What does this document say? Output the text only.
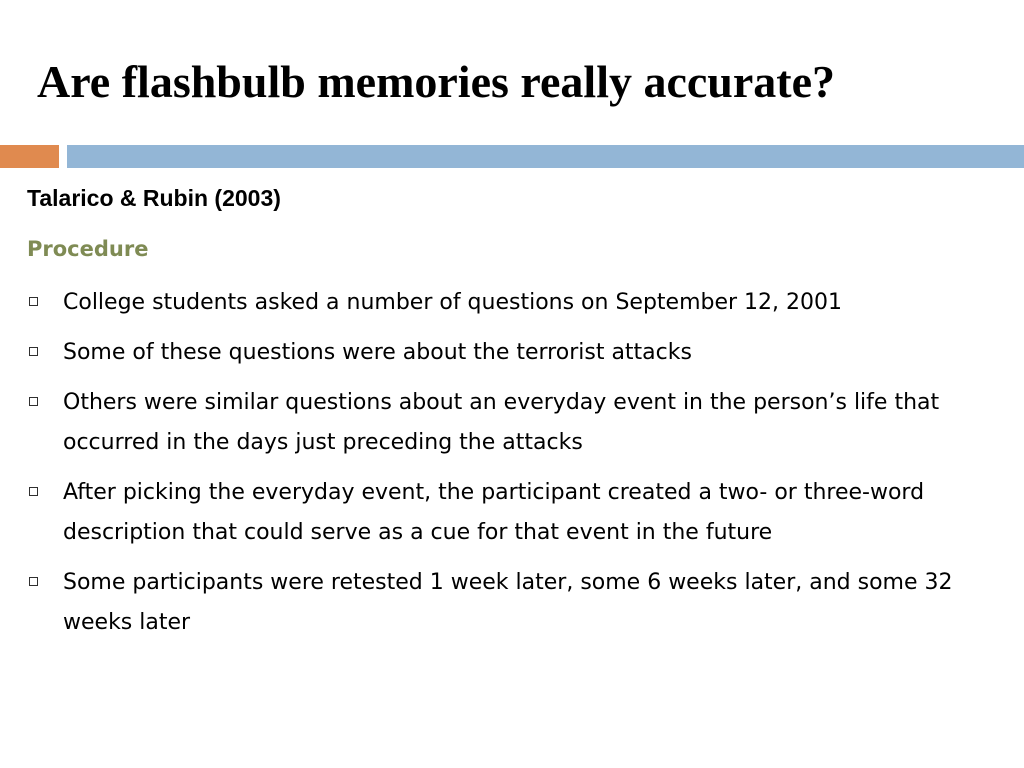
Are flashbulb memories really accurate?
Talarico & Rubin (2003)
Procedure
College students asked a number of questions on September 12, 2001
Some of these questions were about the terrorist attacks
Others were similar questions about an everyday event in the person’s life that occurred in the days just preceding the attacks
After picking the everyday event, the participant created a two- or three-word description that could serve as a cue for that event in the future
Some participants were retested 1 week later, some 6 weeks later, and some 32 weeks later
